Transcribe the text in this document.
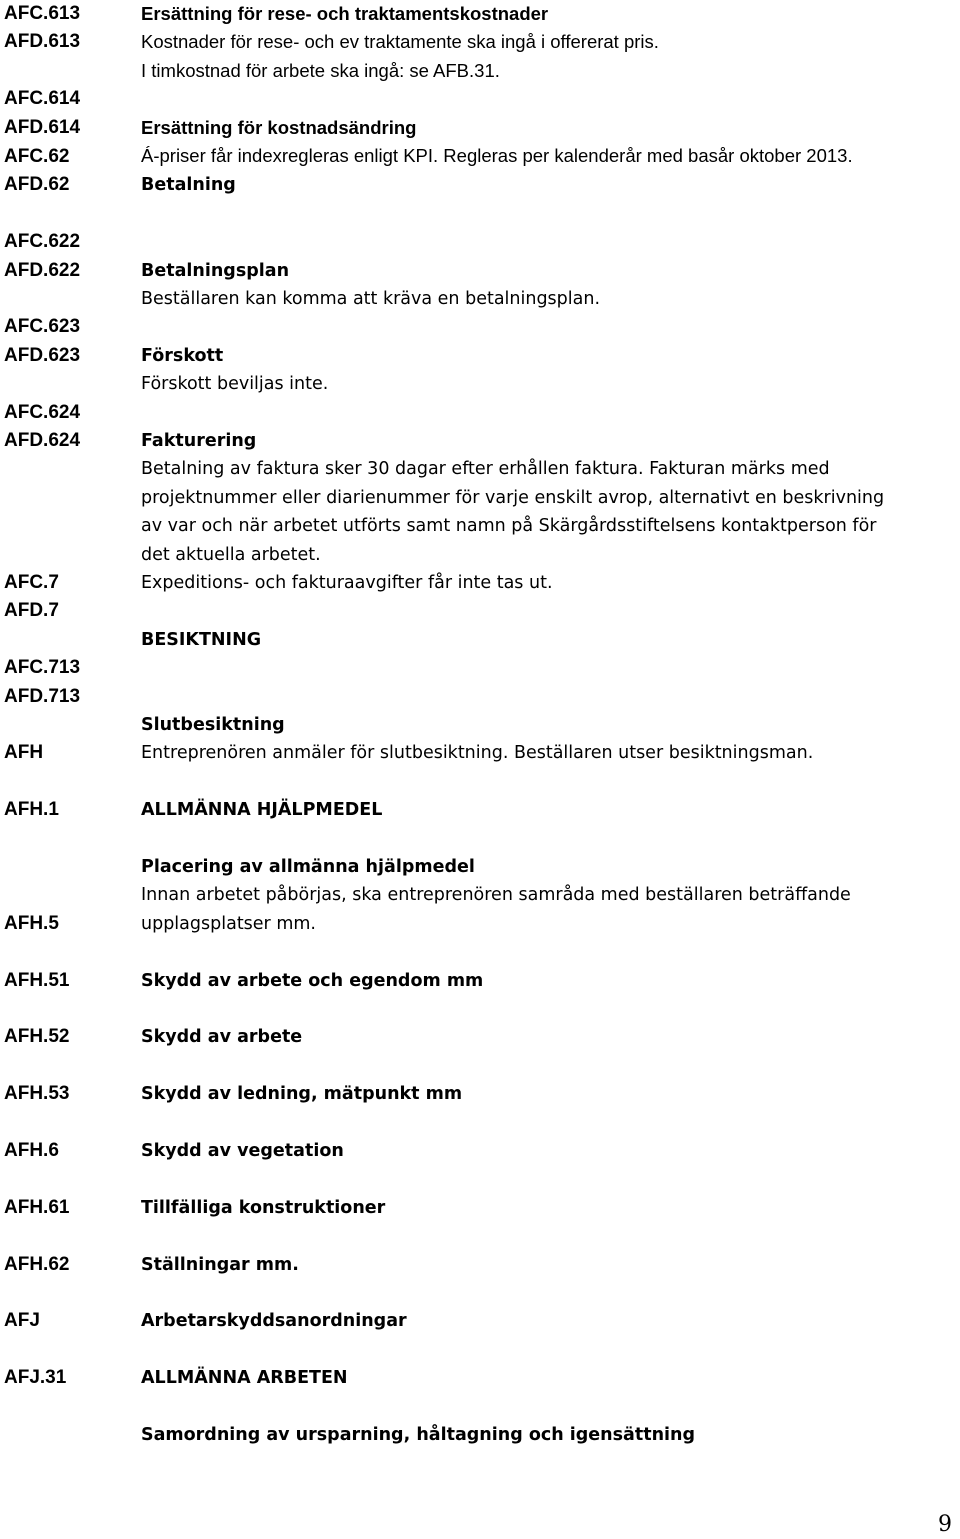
AFC.613
AFD.613
AFC.614
AFD.614
AFC.62
AFD.62
AFC.622
AFD.622
AFC.623
AFD.623
AFC.624
AFD.624
AFC.7
AFD.7
AFC.713
AFD.713
AFH
AFH.1
AFH.5
AFH.51
AFH.52
AFH.53
AFH.6
AFH.61
AFH.62
AFJ
AFJ.31
Ersättning för rese- och traktamentskostnader
Kostnader för rese- och ev traktamente ska ingå i offererat pris.
I timkostnad för arbete ska ingå: se AFB.31.
Ersättning för kostnadsändring
Á-priser får indexregleras enligt KPI. Regleras per kalenderår med basår oktober 2013.
Betalning
Betalningsplan
Beställaren kan komma att kräva en betalningsplan.
Förskott
Förskott beviljas inte.
Fakturering
Betalning av faktura sker 30 dagar efter erhållen faktura. Fakturan märks med
projektnummer eller diarienummer för varje enskilt avrop, alternativt en beskrivning
av var och när arbetet utförts samt namn på Skärgårdsstiftelsens kontaktperson för
det aktuella arbetet.
Expeditions- och fakturaavgifter får inte tas ut.
BESIKTNING
Slutbesiktning
Entreprenören anmäler för slutbesiktning. Beställaren utser besiktningsman.
ALLMÄNNA HJÄLPMEDEL
Placering av allmänna hjälpmedel
Innan arbetet påbörjas, ska entreprenören samråda med beställaren beträffande
upplagsplatser mm.
Skydd av arbete och egendom mm
Skydd av arbete
Skydd av ledning, mätpunkt mm
Skydd av vegetation
Tillfälliga konstruktioner
Ställningar mm.
Arbetarskyddsanordningar
ALLMÄNNA ARBETEN
Samordning av ursparning, håltagning och igensättning
9
